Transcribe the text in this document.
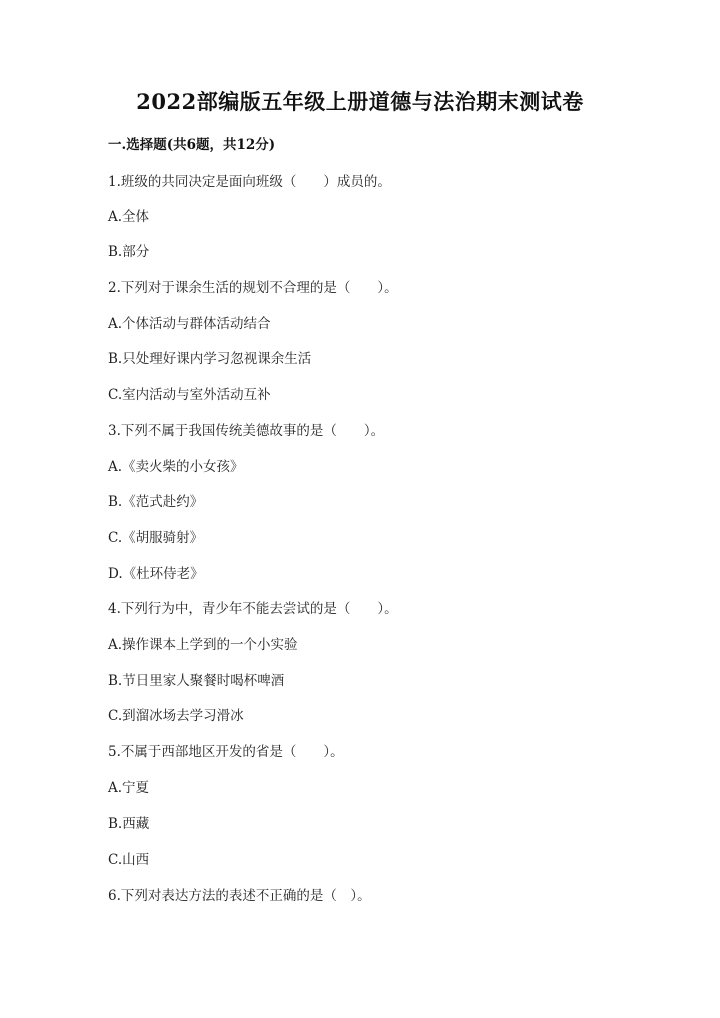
2022部编版五年级上册道德与法治期末测试卷
一.选择题(共6题，共12分)
1.班级的共同决定是面向班级（　　）成员的。
A.全体
B.部分
2.下列对于课余生活的规划不合理的是（　　）。
A.个体活动与群体活动结合
B.只处理好课内学习忽视课余生活
C.室内活动与室外活动互补
3.下列不属于我国传统美德故事的是（　　）。
A.《卖火柴的小女孩》
B.《范式赴约》
C.《胡服骑射》
D.《杜环侍老》
4.下列行为中，青少年不能去尝试的是（　　）。
A.操作课本上学到的一个小实验
B.节日里家人聚餐时喝杯啤酒
C.到溜冰场去学习滑冰
5.不属于西部地区开发的省是（　　）。
A.宁夏
B.西藏
C.山西
6.下列对表达方法的表述不正确的是（　）。
